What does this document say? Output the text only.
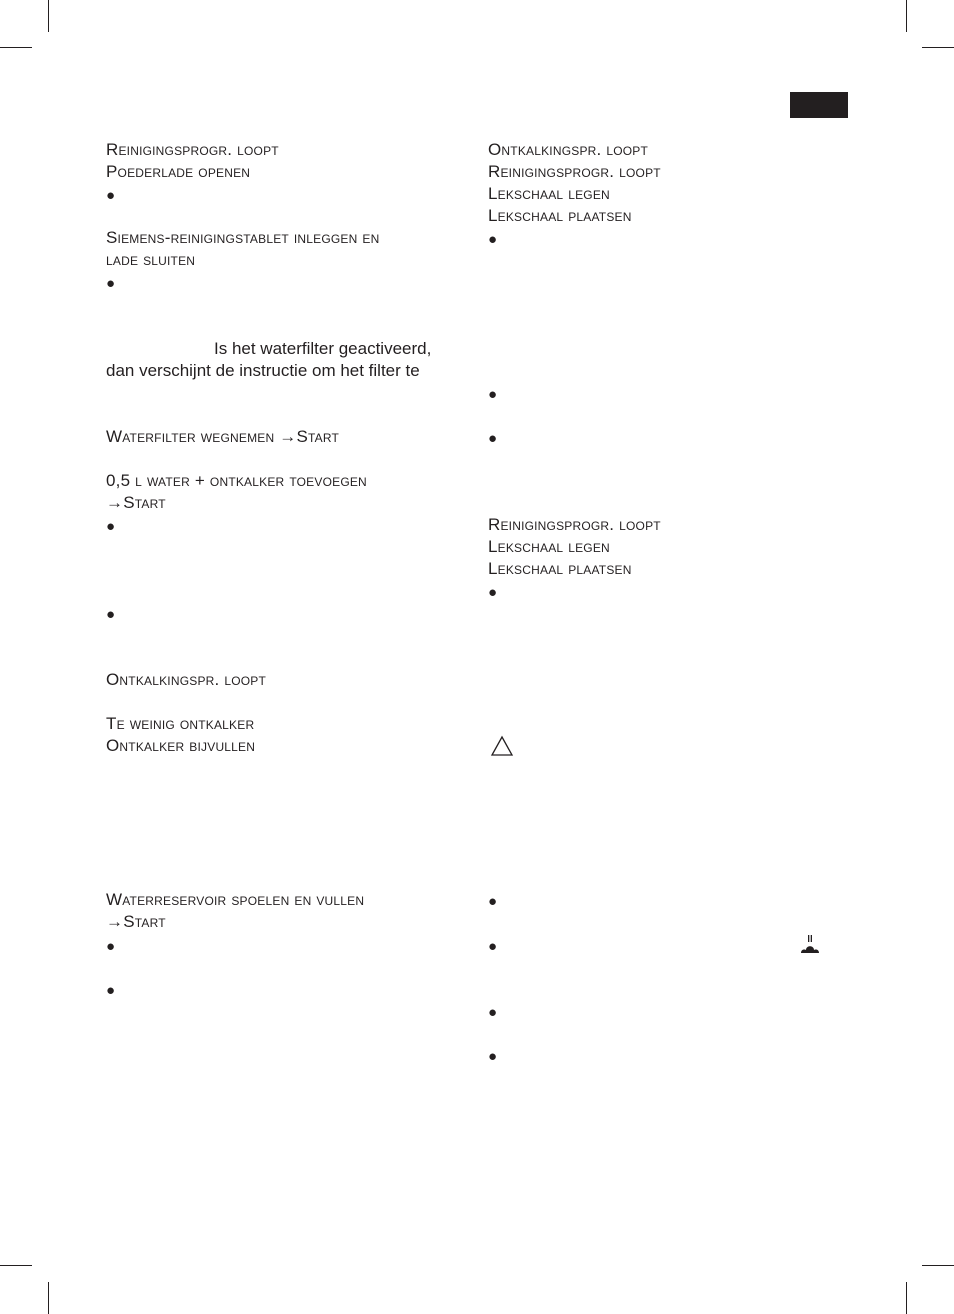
Reinigingsprogr. loopt
Poederlade openen
●
Siemens-reinigingstablet inleggen en
lade sluiten
●
Is het waterfilter geactiveerd,
dan verschijnt de instructie om het filter te
Waterfilter wegnemen →Start
0,5 l water + ontkalker toevoegen
→Start
●
●
Ontkalkingspr. loopt
Te weinig ontkalker
Ontkalker bijvullen
Waterreservoir spoelen en vullen
→Start
●
●
Ontkalkingspr. loopt
Reinigingsprogr. loopt
Lekschaal legen
Lekschaal plaatsen
●
●
●
Reinigingsprogr. loopt
Lekschaal legen
Lekschaal plaatsen
●
●
●
●
●
